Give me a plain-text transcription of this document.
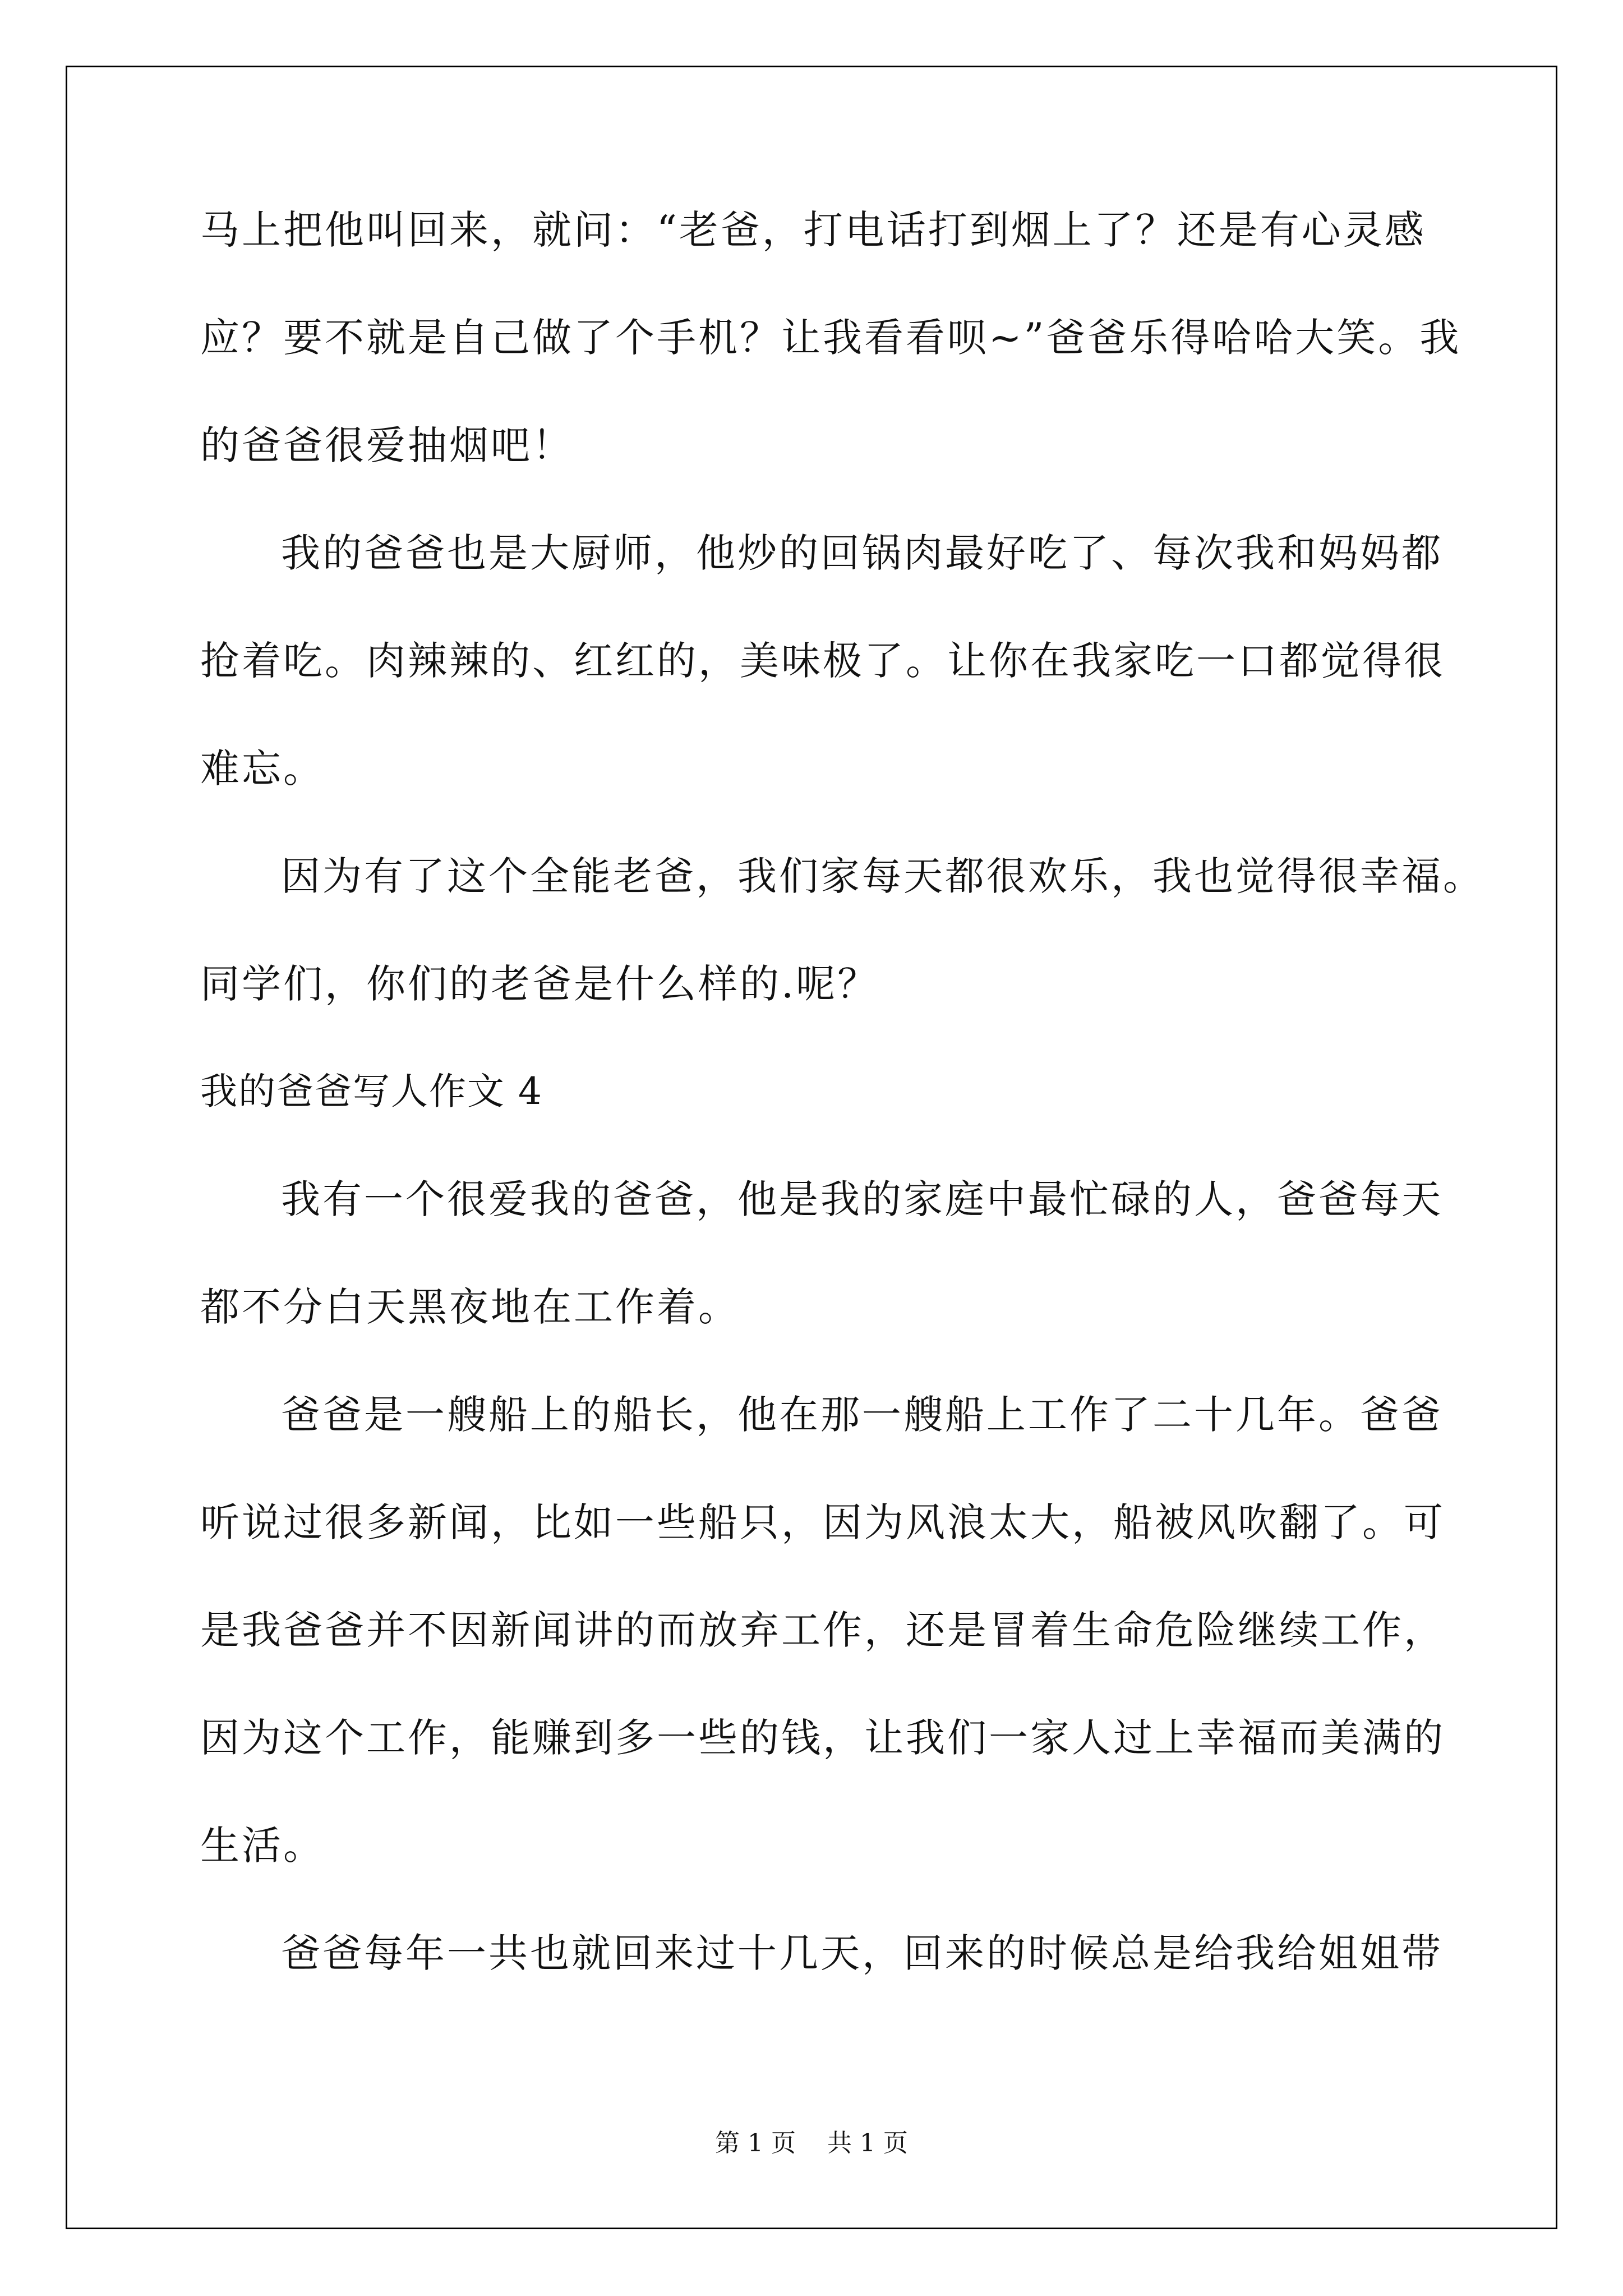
马上把他叫回来，就问：“老爸，打电话打到烟上了？还是有心灵感
应？要不就是自己做了个手机？让我看看呗~”爸爸乐得哈哈大笑。我
的爸爸很爱抽烟吧！
我的爸爸也是大厨师，他炒的回锅肉最好吃了、每次我和妈妈都
抢着吃。肉辣辣的、红红的，美味极了。让你在我家吃一口都觉得很
难忘。
因为有了这个全能老爸，我们家每天都很欢乐，我也觉得很幸福。
同学们，你们的老爸是什么样的.呢？
我的爸爸写人作文 4
我有一个很爱我的爸爸，他是我的家庭中最忙碌的人，爸爸每天
都不分白天黑夜地在工作着。
爸爸是一艘船上的船长，他在那一艘船上工作了二十几年。爸爸
听说过很多新闻，比如一些船只，因为风浪太大，船被风吹翻了。可
是我爸爸并不因新闻讲的而放弃工作，还是冒着生命危险继续工作，
因为这个工作，能赚到多一些的钱，让我们一家人过上幸福而美满的
生活。
爸爸每年一共也就回来过十几天，回来的时候总是给我给姐姐带
第 1 页    共 1 页
